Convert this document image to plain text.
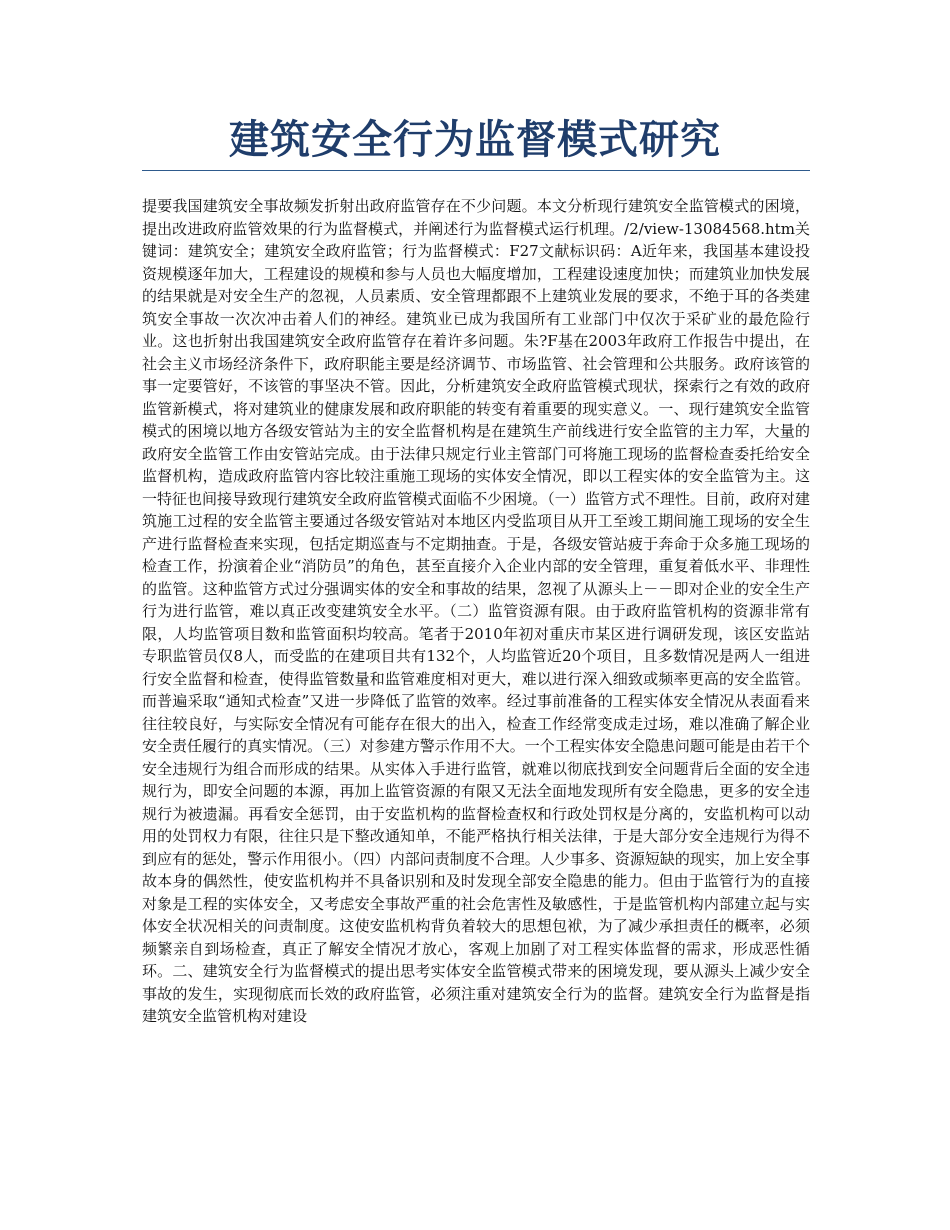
建筑安全行为监督模式研究

提要我国建筑安全事故频发折射出政府监管存在不少问题。本文分析现行建筑安全监管模式的困境，提出改进政府监管效果的行为监督模式，并阐述行为监督模式运行机理。/2/view-13084568.htm关键词：建筑安全；建筑安全政府监管；行为监督模式：F27文献标识码：A近年来，我国基本建设投资规模逐年加大，工程建设的规模和参与人员也大幅度增加，工程建设速度加快；而建筑业加快发展的结果就是对安全生产的忽视，人员素质、安全管理都跟不上建筑业发展的要求，不绝于耳的各类建筑安全事故一次次冲击着人们的神经。建筑业已成为我国所有工业部门中仅次于采矿业的最危险行业。这也折射出我国建筑安全政府监管存在着许多问题。朱?F基在2003年政府工作报告中提出，在社会主义市场经济条件下，政府职能主要是经济调节、市场监管、社会管理和公共服务。政府该管的事一定要管好，不该管的事坚决不管。因此，分析建筑安全政府监管模式现状，探索行之有效的政府监管新模式，将对建筑业的健康发展和政府职能的转变有着重要的现实意义。一、现行建筑安全监管模式的困境以地方各级安管站为主的安全监督机构是在建筑生产前线进行安全监管的主力军，大量的政府安全监管工作由安管站完成。由于法律只规定行业主管部门可将施工现场的监督检查委托给安全监督机构，造成政府监管内容比较注重施工现场的实体安全情况，即以工程实体的安全监管为主。这一特征也间接导致现行建筑安全政府监管模式面临不少困境。（一）监管方式不理性。目前，政府对建筑施工过程的安全监管主要通过各级安管站对本地区内受监项目从开工至竣工期间施工现场的安全生产进行监督检查来实现，包括定期巡查与不定期抽查。于是，各级安管站疲于奔命于众多施工现场的检查工作，扮演着企业“消防员”的角色，甚至直接介入企业内部的安全管理，重复着低水平、非理性的监管。这种监管方式过分强调实体的安全和事故的结果，忽视了从源头上－－即对企业的安全生产行为进行监管，难以真正改变建筑安全水平。（二）监管资源有限。由于政府监管机构的资源非常有限，人均监管项目数和监管面积均较高。笔者于2010年初对重庆市某区进行调研发现，该区安监站专职监管员仅8人，而受监的在建项目共有132个，人均监管近20个项目，且多数情况是两人一组进行安全监督和检查，使得监管数量和监管难度相对更大，难以进行深入细致或频率更高的安全监管。而普遍采取“通知式检查”又进一步降低了监管的效率。经过事前准备的工程实体安全情况从表面看来往往较良好，与实际安全情况有可能存在很大的出入，检查工作经常变成走过场，难以准确了解企业安全责任履行的真实情况。（三）对参建方警示作用不大。一个工程实体安全隐患问题可能是由若干个安全违规行为组合而形成的结果。从实体入手进行监管，就难以彻底找到安全问题背后全面的安全违规行为，即安全问题的本源，再加上监管资源的有限又无法全面地发现所有安全隐患，更多的安全违规行为被遗漏。再看安全惩罚，由于安监机构的监督检查权和行政处罚权是分离的，安监机构可以动用的处罚权力有限，往往只是下整改通知单，不能严格执行相关法律，于是大部分安全违规行为得不到应有的惩处，警示作用很小。（四）内部问责制度不合理。人少事多、资源短缺的现实，加上安全事故本身的偶然性，使安监机构并不具备识别和及时发现全部安全隐患的能力。但由于监管行为的直接对象是工程的实体安全，又考虑安全事故严重的社会危害性及敏感性，于是监管机构内部建立起与实体安全状况相关的问责制度。这使安监机构背负着较大的思想包袱，为了减少承担责任的概率，必须频繁亲自到场检查，真正了解安全情况才放心，客观上加剧了对工程实体监督的需求，形成恶性循环。二、建筑安全行为监督模式的提出思考实体安全监管模式带来的困境发现，要从源头上减少安全事故的发生，实现彻底而长效的政府监管，必须注重对建筑安全行为的监督。建筑安全行为监督是指建筑安全监管机构对建设
